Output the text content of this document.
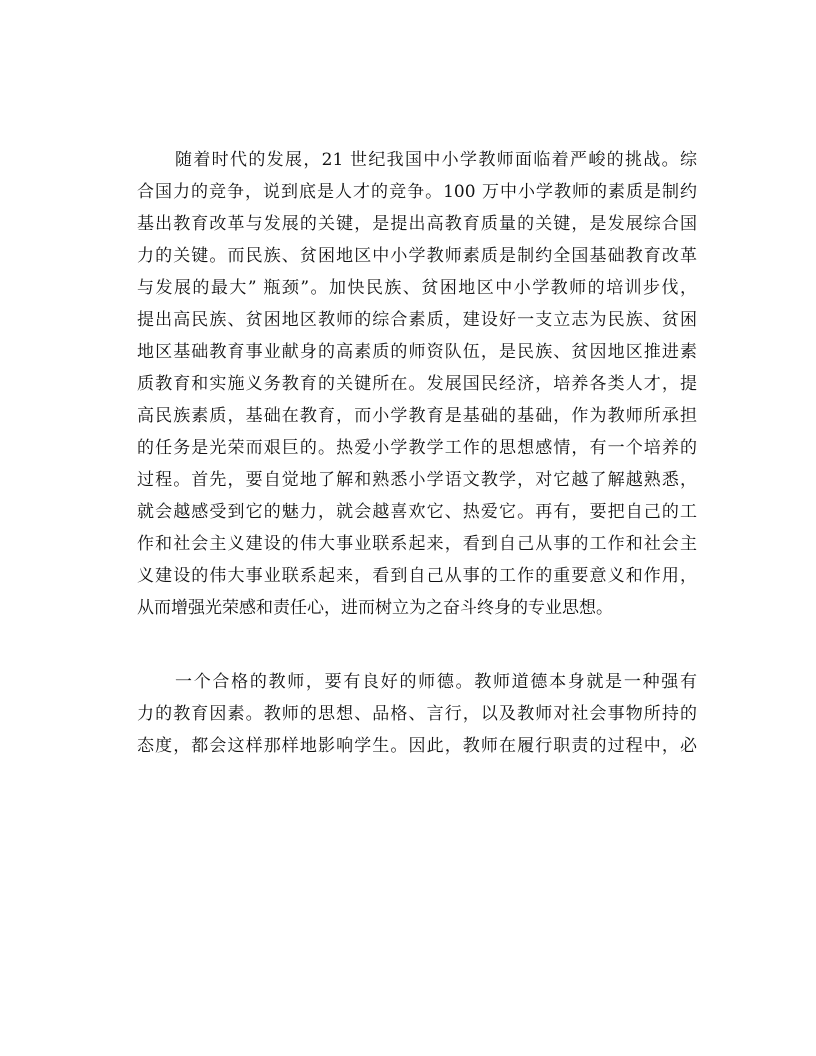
随着时代的发展，21 世纪我国中小学教师面临着严峻的挑战。综
合国力的竞争，说到底是人才的竞争。100 万中小学教师的素质是制约
基出教育改革与发展的关键，是提出高教育质量的关键，是发展综合国
力的关键。而民族、贫困地区中小学教师素质是制约全国基础教育改革
与发展的最大” 瓶颈”。加快民族、贫困地区中小学教师的培训步伐，
提出高民族、贫困地区教师的综合素质，建设好一支立志为民族、贫困
地区基础教育事业献身的高素质的师资队伍，是民族、贫因地区推进素
质教育和实施义务教育的关键所在。发展国民经济，培养各类人才，提
高民族素质，基础在教育，而小学教育是基础的基础，作为教师所承担
的任务是光荣而艰巨的。热爱小学教学工作的思想感情，有一个培养的
过程。首先，要自觉地了解和熟悉小学语文教学，对它越了解越熟悉，
就会越感受到它的魅力，就会越喜欢它、热爱它。再有，要把自己的工
作和社会主义建设的伟大事业联系起来，看到自己从事的工作和社会主
义建设的伟大事业联系起来，看到自己从事的工作的重要意义和作用，
从而增强光荣感和责任心，进而树立为之奋斗终身的专业思想。
一个合格的教师，要有良好的师德。教师道德本身就是一种强有
力的教育因素。教师的思想、品格、言行，以及教师对社会事物所持的
态度，都会这样那样地影响学生。因此，教师在履行职责的过程中，必
